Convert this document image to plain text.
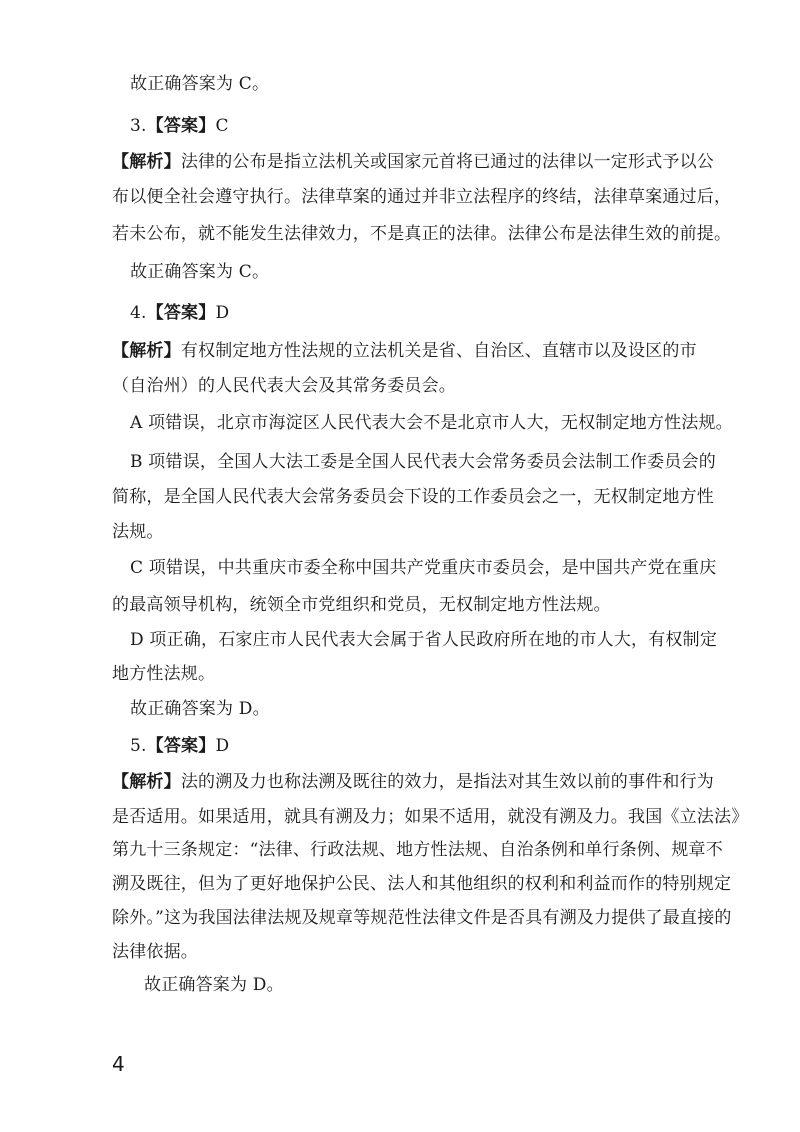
故正确答案为 C。
3.【答案】C
【解析】法律的公布是指立法机关或国家元首将已通过的法律以一定形式予以公
布以便全社会遵守执行。法律草案的通过并非立法程序的终结，法律草案通过后，
若未公布，就不能发生法律效力，不是真正的法律。法律公布是法律生效的前提。
故正确答案为 C。
4.【答案】D
【解析】有权制定地方性法规的立法机关是省、自治区、直辖市以及设区的市
（自治州）的人民代表大会及其常务委员会。
A 项错误，北京市海淀区人民代表大会不是北京市人大，无权制定地方性法规。
B 项错误，全国人大法工委是全国人民代表大会常务委员会法制工作委员会的
简称，是全国人民代表大会常务委员会下设的工作委员会之一，无权制定地方性
法规。
C 项错误，中共重庆市委全称中国共产党重庆市委员会，是中国共产党在重庆
的最高领导机构，统领全市党组织和党员，无权制定地方性法规。
D 项正确，石家庄市人民代表大会属于省人民政府所在地的市人大，有权制定
地方性法规。
故正确答案为 D。
5.【答案】D
【解析】法的溯及力也称法溯及既往的效力，是指法对其生效以前的事件和行为
是否适用。如果适用，就具有溯及力；如果不适用，就没有溯及力。我国《立法法》
第九十三条规定：“法律、行政法规、地方性法规、自治条例和单行条例、规章不
溯及既往，但为了更好地保护公民、法人和其他组织的权利和利益而作的特别规定
除外。”这为我国法律法规及规章等规范性法律文件是否具有溯及力提供了最直接的
法律依据。
故正确答案为 D。
4
